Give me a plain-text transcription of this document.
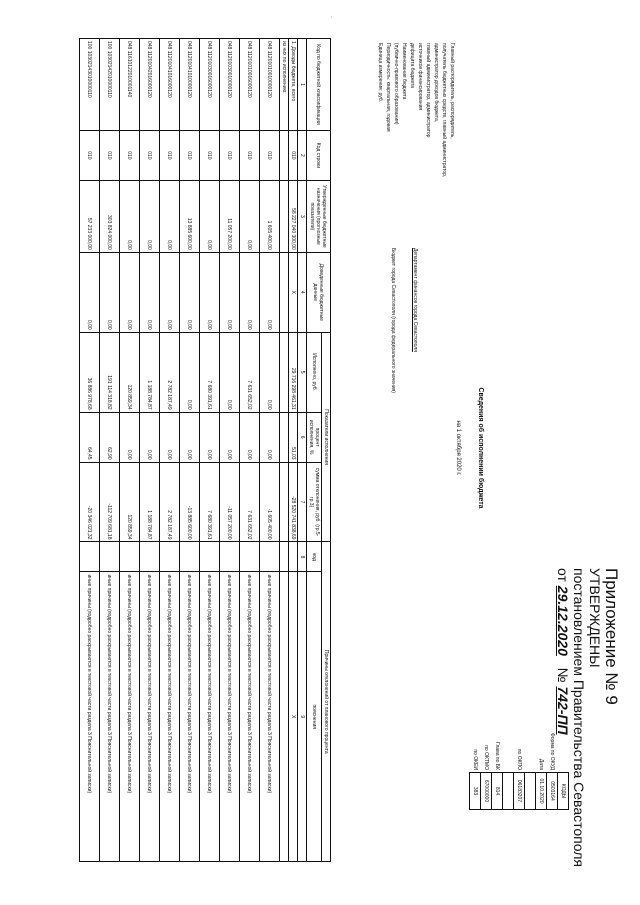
Приложение № 9
УТВЕРЖДЕНЫ
постановлением Правительства Севастополя
от 29.12.2020   № 742-ПП
Сведения об исполнении бюджета
на 1 октября 2020 г.
Главный распорядитель, распорядитель,
получатель бюджетных средств, главный администратор,
администратор доходов бюджета,
главный администратор, администратор
источников финансирования
дефицита бюджета
Наименование бюджета
(публично-правового образования)
Периодичность: квартальная, годовая
Единица измерения: руб.
Департамент финансов города Севастополя
Бюджет города Севастополя (города федерального значения)
	КОДЫ
Форма по ОКУД	0503164
Дата	01.10.2020

по ОКПО	06183207

Глава по БК	814
по ОКТМО	67000000
по ОКЕИ	383
Код по бюджетной классификации	Код строки	Утвержденные бюджетные назначения (прогнозные показатели)	Доведенные бюджетные данные	Показатели исполнения			Причины отклонений от планового процента	
				Исполнено, руб.	процент исполнения, %	сумма отклонения, руб. (гр.5-гр.3)	код	пояснения
1	2	3	4	5	6	7	8	9
1. Доходы бюджета, всего	010	58 227 040 300,00	X	29 716 298 461,31	51,03	-28 520 741 838,69		X
из них по исполнению:								
048 11201010010000120	010	1 605 400,00	0,00	0,00	0,00	-1 605 400,00		иные причины (подробно раскрываются в текстовой части раздела 3 Пояснительной записки)
048 11201010016000120	010	0,00	0,00	7 631 652,02	0,00	7 631 652,02		иные причины (подробно раскрываются в текстовой части раздела 3 Пояснительной записки)
048 11201030010000120	010	11 057 200,00	0,00	0,00	0,00	-11 057 200,00		иные причины (подробно раскрываются в текстовой части раздела 3 Пояснительной записки)
048 11201030016000120	010	0,00	0,00	7 680 391,61	0,00	7 680 391,61		иные причины (подробно раскрываются в текстовой части раздела 3 Пояснительной записки)
048 11201041010000120	010	13 885 600,00	0,00	0,00	0,00	-13 885 600,00		иные причины (подробно раскрываются в текстовой части раздела 3 Пояснительной записки)
048 11201041016000120	010	0,00	0,00	2 782 187,49	0,00	2 782 187,49		иные причины (подробно раскрываются в текстовой части раздела 3 Пояснительной записки)
048 11201042016000120	010	0,00	0,00	1 188 784,87	0,00	1 188 784,87		иные причины (подробно раскрываются в текстовой части раздела 3 Пояснительной записки)
048 11610122010001140	010	0,00	0,00	120 859,34	0,00	120 859,34		иные причины (подробно раскрываются в текстовой части раздела 3 Пояснительной записки)
100 10302142010000110	010	303 824 000,00	0,00	191 114 318,82	62,90	-112 709 681,18		иные причины (подробно раскрываются в текстовой части раздела 3 Пояснительной записки)
100 10302143010000110	010	57 233 000,00	0,00	36 886 978,68	64,45	-20 346 021,32		иные причины (подробно раскрываются в текстовой части раздела 3 Пояснительной записки)
·
